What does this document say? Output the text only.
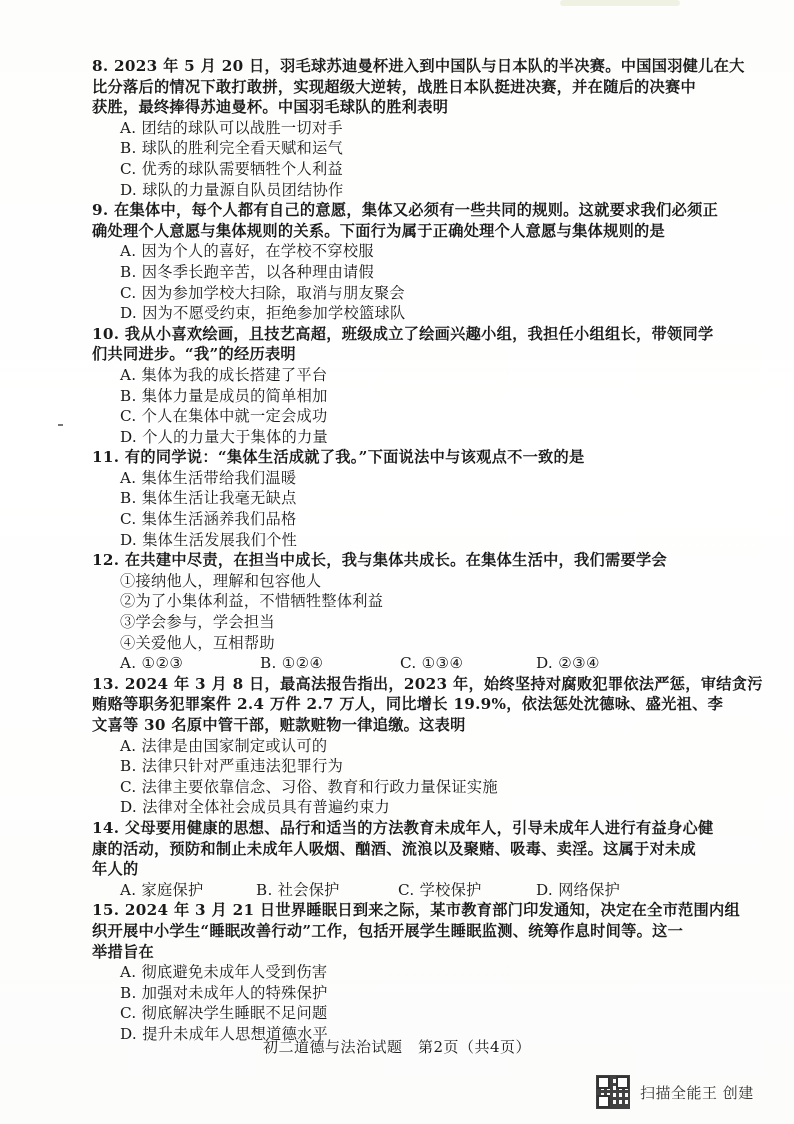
8. 2023 年 5 月 20 日，羽毛球苏迪曼杯进入到中国队与日本队的半决赛。中国国羽健儿在大
比分落后的情况下敢打敢拼，实现超级大逆转，战胜日本队挺进决赛，并在随后的决赛中
获胜，最终捧得苏迪曼杯。中国羽毛球队的胜利表明
A. 团结的球队可以战胜一切对手
B. 球队的胜利完全看天赋和运气
C. 优秀的球队需要牺牲个人利益
D. 球队的力量源自队员团结协作
9. 在集体中，每个人都有自己的意愿，集体又必须有一些共同的规则。这就要求我们必须正
确处理个人意愿与集体规则的关系。下面行为属于正确处理个人意愿与集体规则的是
A. 因为个人的喜好，在学校不穿校服
B. 因冬季长跑辛苦，以各种理由请假
C. 因为参加学校大扫除，取消与朋友聚会
D. 因为不愿受约束，拒绝参加学校篮球队
10. 我从小喜欢绘画，且技艺高超，班级成立了绘画兴趣小组，我担任小组组长，带领同学
们共同进步。“我”的经历表明
A. 集体为我的成长搭建了平台
B. 集体力量是成员的简单相加
C. 个人在集体中就一定会成功
D. 个人的力量大于集体的力量
11. 有的同学说：“集体生活成就了我。”下面说法中与该观点不一致的是
A. 集体生活带给我们温暖
B. 集体生活让我毫无缺点
C. 集体生活涵养我们品格
D. 集体生活发展我们个性
12. 在共建中尽责，在担当中成长，我与集体共成长。在集体生活中，我们需要学会
①接纳他人，理解和包容他人
②为了小集体利益，不惜牺牲整体利益
③学会参与，学会担当
④关爱他人，互相帮助
A. ①②③	B. ①②④	C. ①③④	D. ②③④
13. 2024 年 3 月 8 日，最高法报告指出，2023 年，始终坚持对腐败犯罪依法严惩，审结贪污
贿赂等职务犯罪案件 2.4 万件 2.7 万人，同比增长 19.9%，依法惩处沈德咏、盛光祖、李
文喜等 30 名原中管干部，赃款赃物一律追缴。这表明
A. 法律是由国家制定或认可的
B. 法律只针对严重违法犯罪行为
C. 法律主要依靠信念、习俗、教育和行政力量保证实施
D. 法律对全体社会成员具有普遍约束力
14. 父母要用健康的思想、品行和适当的方法教育未成年人，引导未成年人进行有益身心健
康的活动，预防和制止未成年人吸烟、酗酒、流浪以及聚赌、吸毒、卖淫。这属于对未成
年人的
A. 家庭保护	B. 社会保护	C. 学校保护	D. 网络保护
15. 2024 年 3 月 21 日世界睡眠日到来之际，某市教育部门印发通知，决定在全市范围内组
织开展中小学生“睡眠改善行动”工作，包括开展学生睡眠监测、统筹作息时间等。这一
举措旨在
A. 彻底避免未成年人受到伤害
B. 加强对未成年人的特殊保护
C. 彻底解决学生睡眠不足问题
D. 提升未成年人思想道德水平
初二道德与法治试题　第2页（共4页）
扫描全能王 创建
